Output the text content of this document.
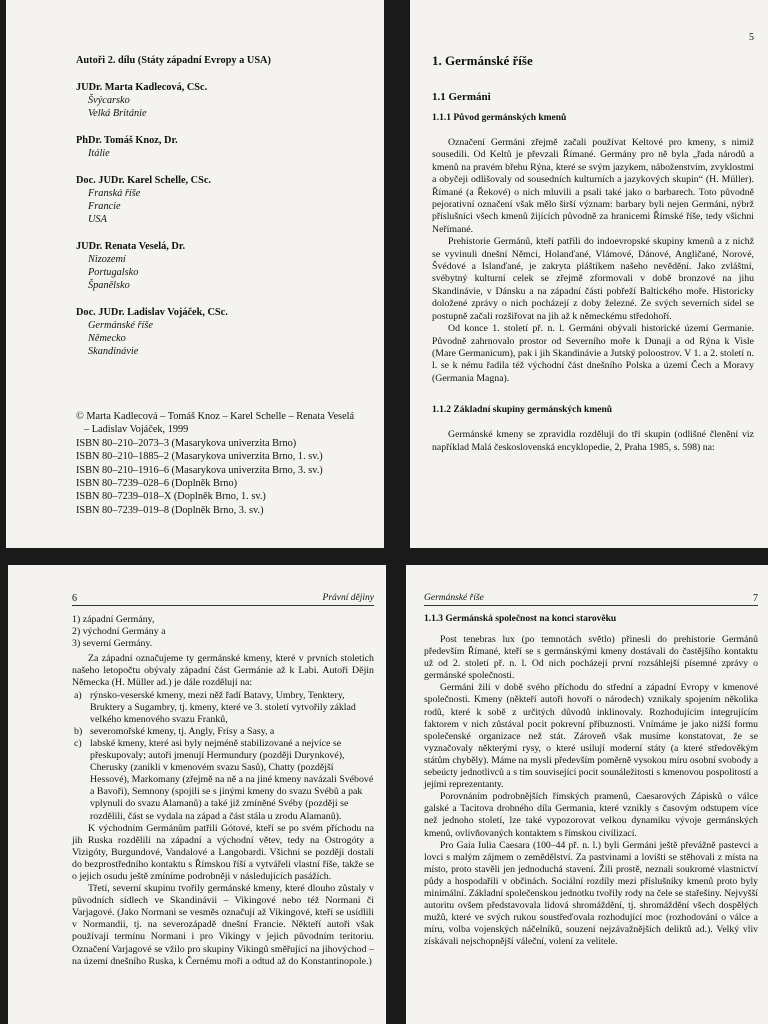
Autoři 2. dílu (Státy západní Evropy a USA)
JUDr. Marta Kadlecová, CSc.
Švýcarsko
Velká Británie
PhDr. Tomáš Knoz, Dr.
Itálie
Doc. JUDr. Karel Schelle, CSc.
Franská říše
Francie
USA
JUDr. Renata Veselá, Dr.
Nizozemí
Portugalsko
Španělsko
Doc. JUDr. Ladislav Vojáček, CSc.
Germánské říše
Německo
Skandinávie
© Marta Kadlecová – Tomáš Knoz – Karel Schelle – Renata Veselá
– Ladislav Vojáček, 1999
ISBN 80–210–2073–3 (Masarykova univerzita Brno)
ISBN 80–210–1885–2 (Masarykova univerzita Brno, 1. sv.)
ISBN 80–210–1916–6 (Masarykova univerzita Brno, 3. sv.)
ISBN 80–7239–028–6 (Doplněk Brno)
ISBN 80–7239–018–X (Doplněk Brno, 1. sv.)
ISBN 80–7239–019–8 (Doplněk Brno, 3. sv.)
5
1. Germánské říše
1.1 Germáni
1.1.1 Původ germánských kmenů

Označení Germáni zřejmě začali používat Keltové pro kmeny, s nimiž sousedili. Od Keltů je převzali Římané. Germány pro ně byla „řada národů a kmenů na pravém břehu Rýna, které se svým jazykem, náboženstvím, zvyklostmi a obyčeji odlišovaly od sousedních kulturních a jazykových skupin“ (H. Müller). Římané (a Řekové) o nich mluvili a psali také jako o barbarech. Toto původně pejorativní označení však mělo širší význam: barbary byli nejen Germáni, nýbrž příslušníci všech kmenů žijících původně za hranicemi Římské říše, tedy všichni Neřímané.

Prehistorie Germánů, kteří patřili do indoevropské skupiny kmenů a z nichž se vyvinuli dnešní Němci, Holanďané, Vlámové, Dánové, Angličané, Norové, Švédové a Islanďané, je zakryta pláštíkem našeho nevědění. Jako zvláštní, svébytný kulturní celek se zřejmě zformovali v době bronzové na jihu Skandinávie, v Dánsku a na západní části pobřeží Baltického moře. Historicky doložené zprávy o nich pocházejí z doby železné. Ze svých severních sídel se postupně začali rozšiřovat na jih až k německému středohoří.

Od konce 1. století př. n. l. Germáni obývali historické území Germanie. Původně zahrnovalo prostor od Severního moře k Dunaji a od Rýna k Visle (Mare Germanicum), pak i jih Skandinávie a Jutský poloostrov. V 1. a 2. století n. l. se k nému řadila též východní část dnešního Polska a území Čech a Moravy (Germania Magna).

1.1.2 Základní skupiny germánských kmenů

Germánské kmeny se zpravidla rozdělují do tří skupin (odlišné členění viz například Malá československá encyklopedie, 2, Praha 1985, s. 598) na:

6	Právní dějiny
1) západní Germány,
2) východní Germány a
3) severní Germány.

Za západní označujeme ty germánské kmeny, které v prvních stoletích našeho letopočtu obývaly západní část Germánie až k Labi. Autoři Dějin Německa (H. Müller ad.) je dále rozdělují na:

a) rýnsko-veserské kmeny, mezi něž řadí Batavy, Umbry, Tenktery, Bruktery a Sugambry, tj. kmeny, které ve 3. století vytvořily základ velkého kmenového svazu Franků,
b) severomořské kmeny, tj. Angly, Frísy a Sasy, a
c) labské kmeny, které asi byly nejméně stabilizované a nejvíce se přeskupovaly; autoři jmenují Hermundury (později Durynkové), Cherusky (zanikli v kmenovém svazu Sasů), Chatty (pozdější Hessové), Markomany (zřejmě na ně a na jiné kmeny navázali Svébové a Bavoři), Semnony (spojili se s jinými kmeny do svazu Svébů a pak vplynuli do svazu Alamanů) a také již zmíněné Svéby (později se rozdělili, část se vydala na západ a část stála u zrodu Alamanů).

K východním Germánům patřili Gótové, kteří se po svém příchodu na jih Ruska rozdělili na západní a východní větev, tedy na Ostrogóty a Vizigóty, Burgundové, Vandalové a Langobardi. Všichni se později dostali do bezprostředního kontaktu s Římskou říší a vytvářeli vlastní říše, takže se o jejich osudu ještě zmíníme podrobněji v následujících pasážích.

Třetí, severní skupinu tvořily germánské kmeny, které dlouho zůstaly v původních sídlech ve Skandinávii – Vikingové nebo též Normani či Varjagové. (Jako Normani se vesměs označují až Vikingové, kteří se usídlili v Normandii, tj. na severozápadě dnešní Francie. Někteří autoři však používají termínu Normani i pro Vikingy v jejich původním teritoriu. Označení Varjagové se vžilo pro skupiny Vikingů směřující na jihovýchod – na území dnešního Ruska, k Černému moři a odtud až do Konstantinopole.)

Germánské říše	7
1.1.3 Germánská společnost na konci starověku

Post tenebras lux (po temnotách světlo) přinesli do prehistorie Germánů především Římané, kteří se s germánskými kmeny dostávali do častějšího kontaktu už od 2. století př. n. l. Od nich pocházejí první rozsáhlejší písemné zprávy o germánské společnosti.

Germáni žili v době svého příchodu do střední a západní Evropy v kmenové společnosti. Kmeny (někteří autoři hovoří o národech) vznikaly spojením několika rodů, které k sobě z určitých důvodů inklinovaly. Rozhodujícím integrujícím faktorem v nich zůstával pocit pokrevní příbuznosti. Vnímáme je jako nižší formu společenské organizace než stát. Zároveň však musíme konstatovat, že se vyznačovaly některými rysy, o které usilují moderní státy (a které středověkým státům chyběly). Máme na mysli především poměrně vysokou míru osobní svobody a sebeúcty jednotlivců a s tím související pocit sounáležitosti s kmenovou pospolitostí a jejími reprezentanty.

Porovnáním podrobnějších římských pramenů, Caesarových Zápisků o válce galské a Tacitova drobného díla Germania, které vznikly s časovým odstupem více než jednoho století, lze také vypozorovat velkou dynamiku vývoje germánských kmenů, ovlivňovaných kontaktem s římskou civilizací.

Pro Gaia Iulia Caesara (100–44 př. n. l.) byli Germáni ještě převážně pastevci a lovci s malým zájmem o zemědělství. Za pastvinami a lovišti se stěhovali z místa na místo, proto stavěli jen jednoduchá stavení. Žili prostě, neznali soukromé vlastnictví půdy a hospodařili v občinách. Sociální rozdíly mezi příslušníky kmenů proto byly minimální. Základní společenskou jednotku tvořily rody na čele se stařešiny. Nejvyšší autoritu ovšem představovala lidová shromáždění, tj. shromáždění všech dospělých mužů, které ve svých rukou soustřeďovala rozhodující moc (rozhodování o válce a míru, volba vojenských náčelníků, souzení nejzávažnějších deliktů ad.). Velký vliv získávali nejschopnější váleční, volení za velitele.
